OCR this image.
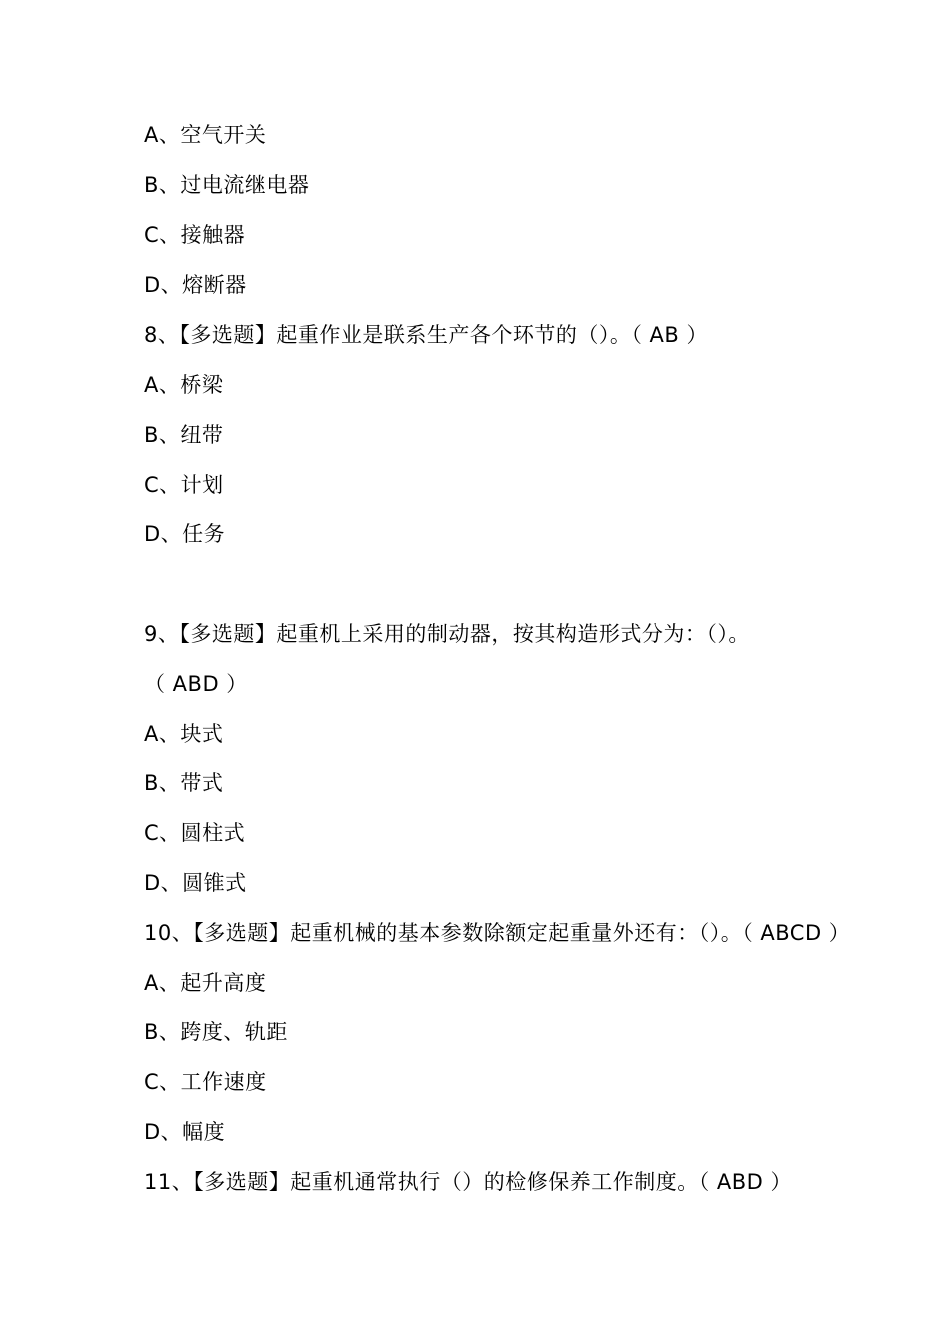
A、空气开关
B、过电流继电器
C、接触器
D、熔断器
8、【多选题】起重作业是联系生产各个环节的（）。（ AB ）
A、桥梁
B、纽带
C、计划
D、任务
9、【多选题】起重机上采用的制动器，按其构造形式分为：（）。
（ ABD ）
A、块式
B、带式
C、圆柱式
D、圆锥式
10、【多选题】起重机械的基本参数除额定起重量外还有：（）。（ ABCD ）
A、起升高度
B、跨度、轨距
C、工作速度
D、幅度
11、【多选题】起重机通常执行（）的检修保养工作制度。（ ABD ）
